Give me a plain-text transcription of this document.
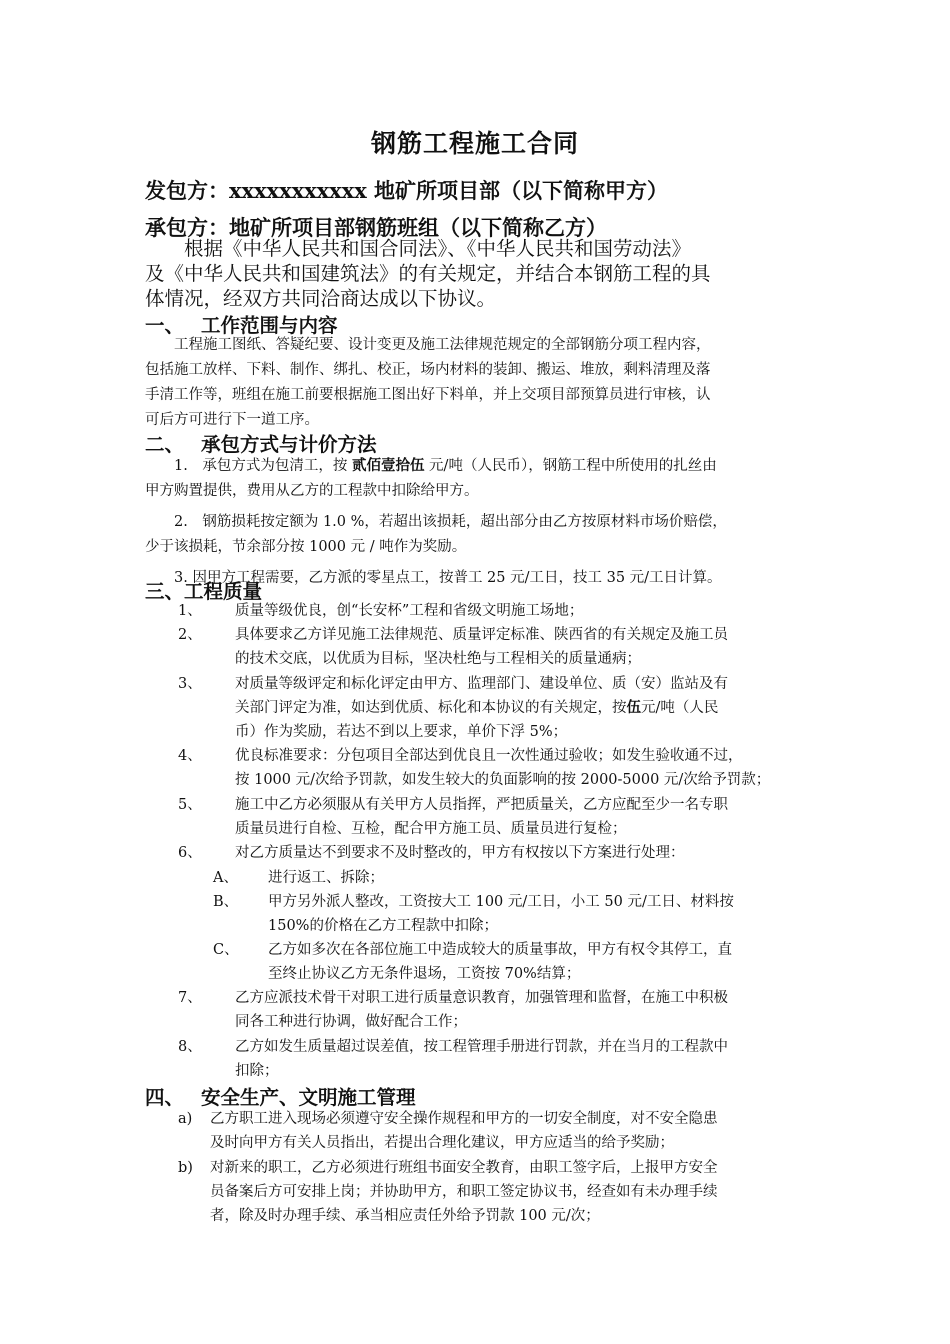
钢筋工程施工合同
发包方：xxxxxxxxxxx 地矿所项目部（以下简称甲方）
承包方：地矿所项目部钢筋班组（以下简称乙方）
　　根据《中华人民共和国合同法》、《中华人民共和国劳动法》
及《中华人民共和国建筑法》的有关规定，并结合本钢筋工程的具
体情况，经双方共同洽商达成以下协议。
一、 工作范围与内容
　　工程施工图纸、答疑纪要、设计变更及施工法律规范规定的全部钢筋分项工程内容，
包括施工放样、下料、制作、绑扎、校正，场内材料的装卸、搬运、堆放，剩料清理及落
手清工作等，班组在施工前要根据施工图出好下料单，并上交项目部预算员进行审核，认
可后方可进行下一道工序。
二、 承包方式与计价方法
　　1.　承包方式为包清工，按 贰佰壹拾伍 元/吨（人民币），钢筋工程中所使用的扎丝由
甲方购置提供，费用从乙方的工程款中扣除给甲方。
　　2.　钢筋损耗按定额为 1.0 %，若超出该损耗，超出部分由乙方按原材料市场价赔偿，
少于该损耗，节余部分按 1000 元 / 吨作为奖励。
　　3. 因甲方工程需要，乙方派的零星点工，按普工 25 元/工日，技工 35 元/工日计算。
三、工程质量
1、 质量等级优良，创“长安杯”工程和省级文明施工场地；
2、 具体要求乙方详见施工法律规范、质量评定标准、陕西省的有关规定及施工员
的技术交底，以优质为目标，坚决杜绝与工程相关的质量通病；
3、 对质量等级评定和标化评定由甲方、监理部门、建设单位、质（安）监站及有
关部门评定为准，如达到优质、标化和本协议的有关规定，按伍元/吨（人民
币）作为奖励，若达不到以上要求，单价下浮 5%；
4、 优良标准要求：分包项目全部达到优良且一次性通过验收；如发生验收通不过，
按 1000 元/次给予罚款，如发生较大的负面影响的按 2000-5000 元/次给予罚款；
5、 施工中乙方必须服从有关甲方人员指挥，严把质量关，乙方应配至少一名专职
质量员进行自检、互检，配合甲方施工员、质量员进行复检；
6、 对乙方质量达不到要求不及时整改的，甲方有权按以下方案进行处理：
A、 进行返工、拆除；
B、 甲方另外派人整改，工资按大工 100 元/工日，小工 50 元/工日、材料按
150%的价格在乙方工程款中扣除；
C、 乙方如多次在各部位施工中造成较大的质量事故，甲方有权令其停工，直
至终止协议乙方无条件退场，工资按 70%结算；
7、 乙方应派技术骨干对职工进行质量意识教育，加强管理和监督，在施工中积极
同各工种进行协调，做好配合工作；
8、 乙方如发生质量超过误差值，按工程管理手册进行罚款，并在当月的工程款中
扣除；
四、 安全生产、文明施工管理
a) 乙方职工进入现场必须遵守安全操作规程和甲方的一切安全制度，对不安全隐患
及时向甲方有关人员指出，若提出合理化建议，甲方应适当的给予奖励；
b) 对新来的职工，乙方必须进行班组书面安全教育，由职工签字后，上报甲方安全
员备案后方可安排上岗；并协助甲方，和职工签定协议书，经查如有未办理手续
者，除及时办理手续、承当相应责任外给予罚款 100 元/次；
